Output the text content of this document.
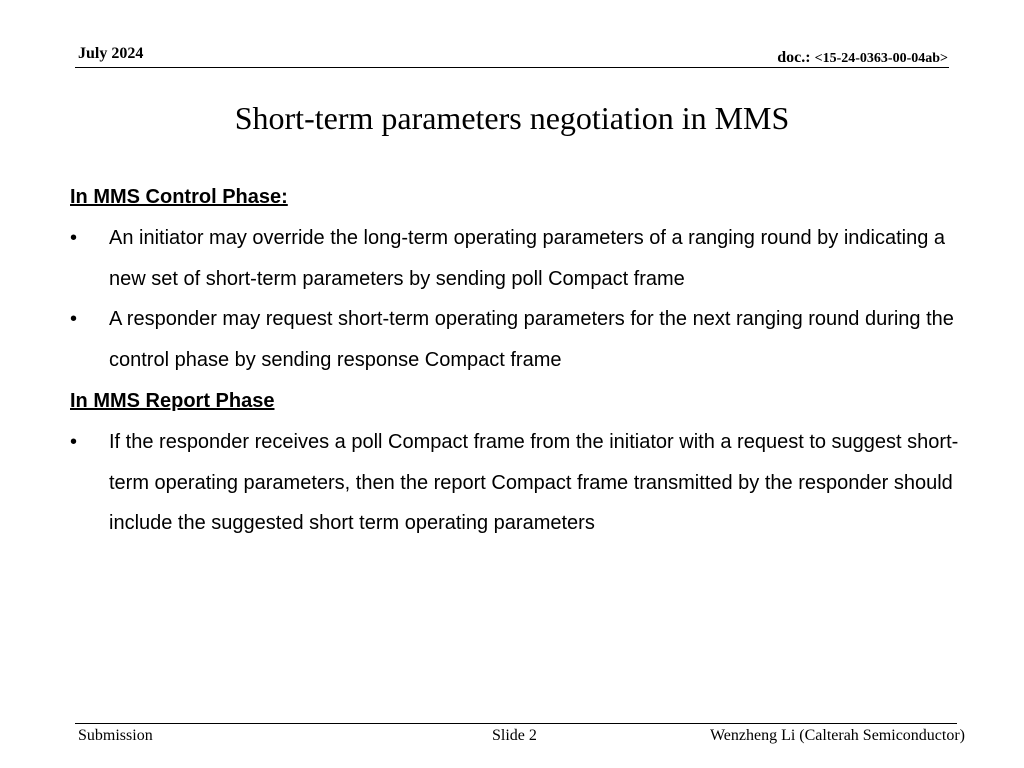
July 2024	doc.: <15-24-0363-00-04ab>
Short-term parameters negotiation in MMS

In MMS Control Phase:

• An initiator may override the long-term operating parameters of a ranging round by indicating a new set of short-term parameters by sending poll Compact frame
• A responder may request short-term operating parameters for the next ranging round during the control phase by sending response Compact frame

In MMS Report Phase

• If the responder receives a poll Compact frame from the initiator with a request to suggest short-term operating parameters, then the report Compact frame transmitted by the responder should include the suggested short term operating parameters
Submission	Slide 2	Wenzheng Li (Calterah Semiconductor)
